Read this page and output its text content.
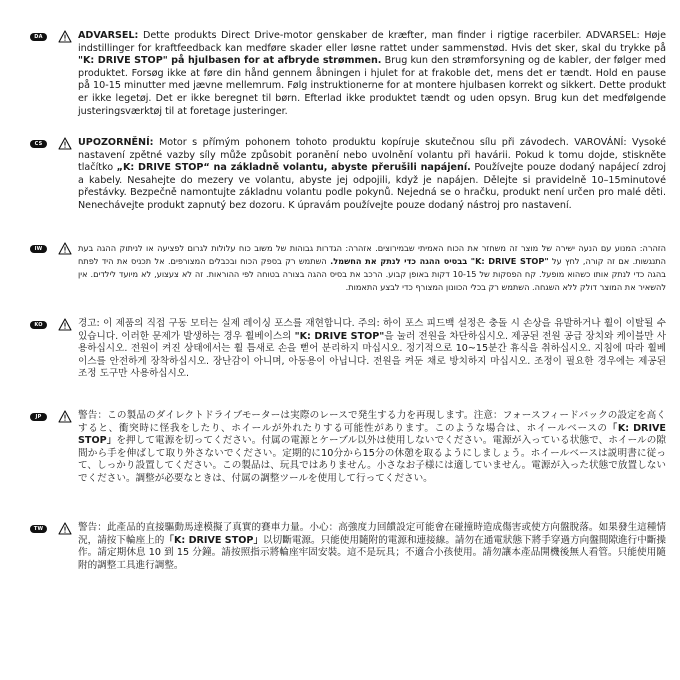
DA	ADVARSEL: Dette produkts Direct Drive-motor genskaber de kræfter, man finder i rigtige racerbiler. ADVARSEL: Høje indstillinger for kraftfeedback kan medføre skader eller løsne rattet under sammenstød. Hvis det sker, skal du trykke på "K: DRIVE STOP" på hjulbasen for at afbryde strømmen. Brug kun den strømforsyning og de kabler, der følger med produktet. Forsøg ikke at føre din hånd gennem åbningen i hjulet for at frakoble det, mens det er tændt. Hold en pause på 10-15 minutter med jævne mellemrum. Følg instruktionerne for at montere hjulbasen korrekt og sikkert. Dette produkt er ikke legetøj. Det er ikke beregnet til børn. Efterlad ikke produktet tændt og uden opsyn. Brug kun det medfølgende justeringsværktøj til at foretage justeringer.
CS	UPOZORNĚNÍ: Motor s přímým pohonem tohoto produktu kopíruje skutečnou sílu při závodech. VAROVÁNÍ: Vysoké nastavení zpětné vazby síly může způsobit poranění nebo uvolnění volantu při havárii. Pokud k tomu dojde, stiskněte tlačítko „K: DRIVE STOP“ na základně volantu, abyste přerušili napájení. Používejte pouze dodaný napájecí zdroj a kabely. Nesahejte do mezery ve volantu, abyste jej odpojili, když je napájen. Dělejte si pravidelně 10–15minutové přestávky. Bezpečně namontujte základnu volantu podle pokynů. Nejedná se o hračku, produkt není určen pro malé děti. Nenechávejte produkt zapnutý bez dozoru. K úpravám používejte pouze dodaný nástroj pro nastavení.
IW	הזהרה: המנוע עם הנעה ישירה של מוצר זה משחזר את הכוח האמיתי שבמירוצים. אזהרה: הגדרות גבוהות של משוב כוח עלולות לגרום לפציעה או לניתוק ההגה בעת התנגשות. אם זה קורה, לחץ על "K: DRIVE STOP" בבסיס ההגה כדי לנתק את החשמל. השתמש רק בספק הכוח ובכבלים המצורפים. אל תכניס את היד לפתח בהגה כדי לנתק אותו כשהוא מופעל. קח הפסקות של 10-15 דקות באופן קבוע. הרכב את בסיס ההגה בצורה בטוחה לפי ההוראות. זה לא צעצוע, לא מיועד לילדים. אין להשאיר את המוצר דולק ללא השגחה. השתמש רק בכלי הכוונון המצורף כדי לבצע התאמות.
KO	경고: 이 제품의 직접 구동 모터는 실제 레이싱 포스를 재현합니다. 주의: 하이 포스 피드백 설정은 충돌 시 손상을 유발하거나 휠이 이탈될 수 있습니다. 이러한 문제가 발생하는 경우 휠베이스의 "K: DRIVE STOP"을 눌러 전원을 차단하십시오. 제공된 전원 공급 장치와 케이블만 사용하십시오. 전원이 켜진 상태에서는 휠 틈새로 손을 뻗어 분리하지 마십시오. 정기적으로 10~15분간 휴식을 취하십시오. 지침에 따라 휠베이스를 안전하게 장착하십시오. 장난감이 아니며, 아동용이 아닙니다. 전원을 켜둔 채로 방치하지 마십시오. 조정이 필요한 경우에는 제공된 조정 도구만 사용하십시오.
JP	警告：この製品のダイレクトドライブモーターは実際のレースで発生する力を再現します。注意：フォースフィードバックの設定を高くすると、衝突時に怪我をしたり、ホイールが外れたりする可能性があります。このような場合は、ホイールベースの「K: DRIVE STOP」を押して電源を切ってください。付属の電源とケーブル以外は使用しないでください。電源が入っている状態で、ホイールの隙間から手を伸ばして取り外さないでください。定期的に10分から15分の休憩を取るようにしましょう。ホイールベースは説明書に従って、しっかり設置してください。この製品は、玩具ではありません。小さなお子様には適していません。電源が入った状態で放置しないでください。調整が必要なときは、付属の調整ツールを使用して行ってください。
TW	警告：此產品的直接驅動馬達模擬了真實的賽車力量。小心：高強度力回饋設定可能會在碰撞時造成傷害或使方向盤脫落。如果發生這種情況，請按下輪座上的「K: DRIVE STOP」以切斷電源。只能使用隨附的電源和連接線。請勿在通電狀態下將手穿過方向盤間隙進行中斷操作。請定期休息 10 到 15 分鐘。請按照指示將輪座牢固安裝。這不是玩具；不適合小孩使用。請勿讓本產品開機後無人看管。只能使用隨附的調整工具進行調整。
